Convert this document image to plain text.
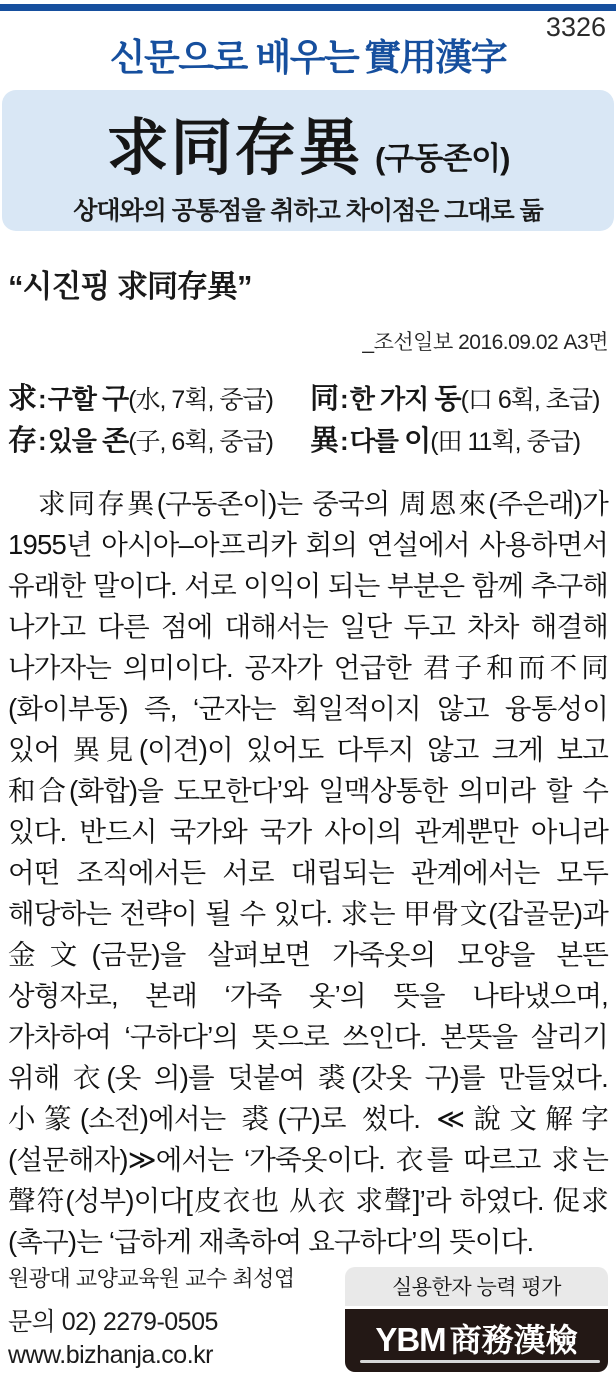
신문으로 배우는 實用漢字
3326
求同存異 (구동존이)
상대와의 공통점을 취하고 차이점은 그대로 둚
“시진핑 求同存異”
_조선일보 2016.09.02 A3면
求:구할 구(水, 7획, 중급)	同:한 가지 동(口 6획, 초급)
存:있을 존(子, 6획, 중급)	異:다를 이(田 11획, 중급)
求同存異(구동존이)는 중국의 周恩來(주은래)가 1955년 아시아–아프리카 회의 연설에서 사용하면서 유래한 말이다. 서로 이익이 되는 부분은 함께 추구해 나가고 다른 점에 대해서는 일단 두고 차차 해결해 나가자는 의미이다. 공자가 언급한 君子和而不同(화이부동) 즉, ‘군자는 획일적이지 않고 융통성이 있어 異見(이견)이 있어도 다투지 않고 크게 보고 和合(화합)을 도모한다’와 일맥상통한 의미라 할 수 있다. 반드시 국가와 국가 사이의 관계뿐만 아니라 어떤 조직에서든 서로 대립되는 관계에서는 모두 해당하는 전략이 될 수 있다. 求는 甲骨文(갑골문)과 金文(금문)을 살펴보면 가죽옷의 모양을 본뜬 상형자로, 본래 ‘가죽 옷’의 뜻을 나타냈으며, 가차하여 ‘구하다’의 뜻으로 쓰인다. 본뜻을 살리기 위해 衣(옷 의)를 덧붙여 裘(갓옷 구)를 만들었다. 小篆(소전)에서는 裘(구)로 썼다. ≪說文解字(설문해자)≫에서는 ‘가죽옷이다. 衣를 따르고 求는 聲符(성부)이다[皮衣也 从衣 求聲]’라 하였다. 促求(촉구)는 ‘급하게 재촉하여 요구하다’의 뜻이다.
원광대 교양교육원 교수 최성엽
문의 02) 2279-0505
www.bizhanja.co.kr
실용한자 능력 평가
YBM 商務漢檢
